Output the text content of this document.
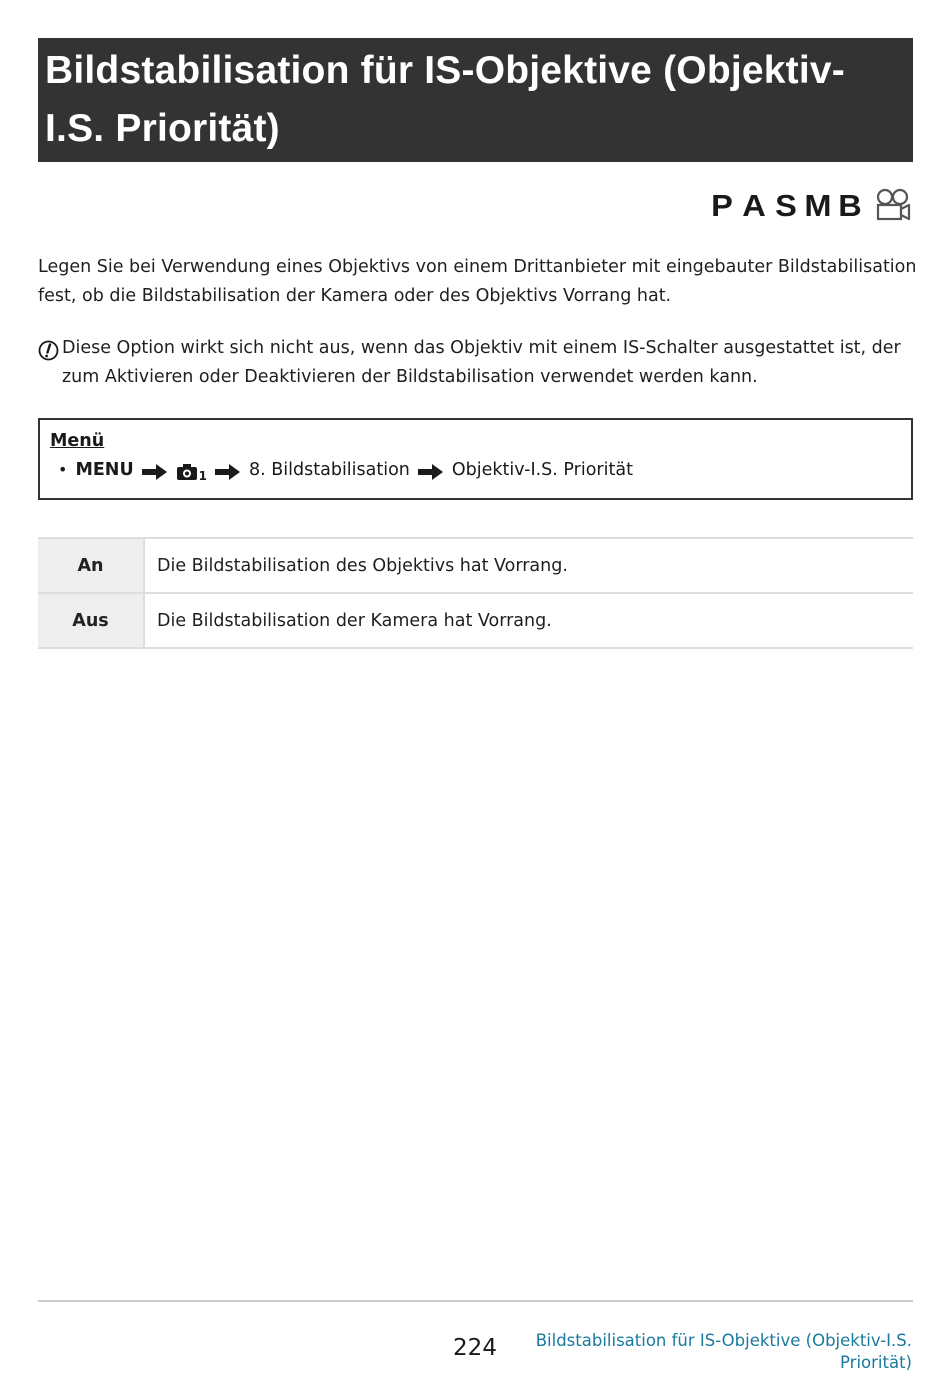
Bildstabilisation für IS-Objektive (Objektiv-I.S. Priorität)
P A S M B

Legen Sie bei Verwendung eines Objektivs von einem Drittanbieter mit eingebauter Bildstabilisation fest, ob die Bildstabilisation der Kamera oder des Objektivs Vorrang hat.

Diese Option wirkt sich nicht aus, wenn das Objektiv mit einem IS-Schalter ausgestattet ist, der zum Aktivieren oder Deaktivieren der Bildstabilisation verwendet werden kann.

Menü
• MENU	1 8. Bildstabilisation Objektiv-I.S. Priorität
An	Die Bildstabilisation des Objektivs hat Vorrang.
Aus	Die Bildstabilisation der Kamera hat Vorrang.
224	Bildstabilisation für IS-Objektive (Objektiv-I.S. Priorität)
